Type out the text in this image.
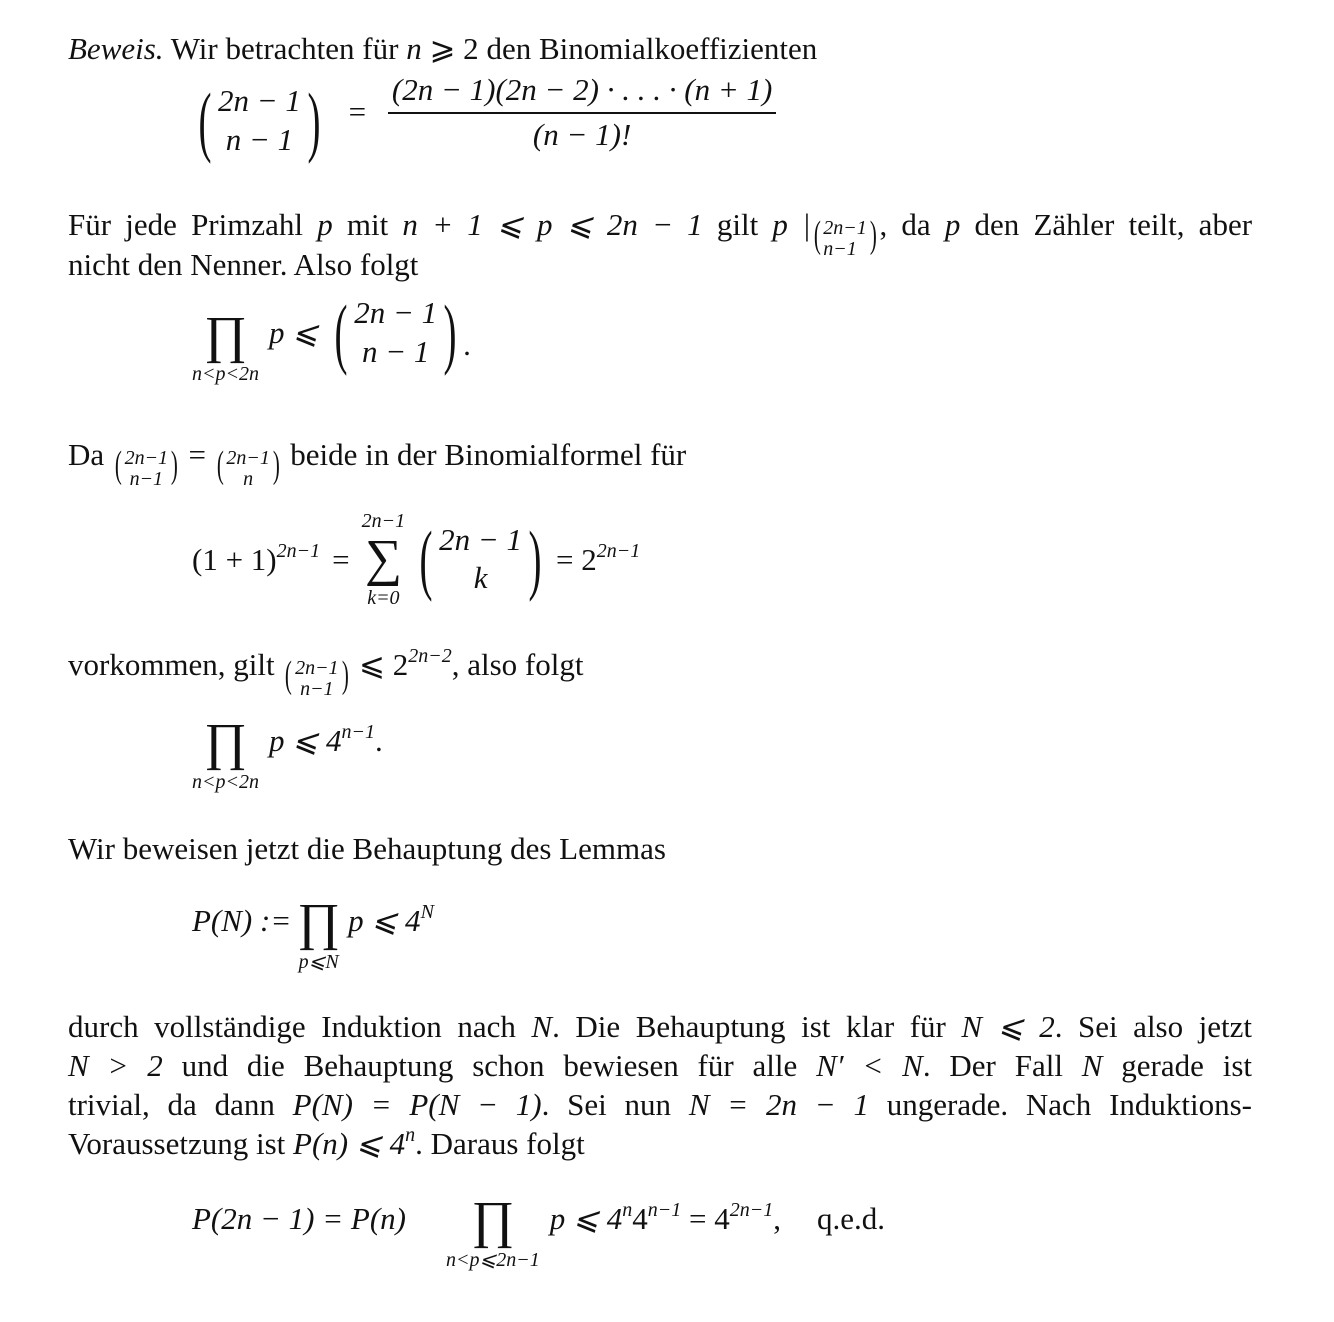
Beweis. Wir betrachten für n ⩾ 2 den Binomialkoeffizienten
( 2n − 1
n − 1 ) = $\frac{(2n - 1)(2n - 2) \cdot . . . \cdot (n + 1)}{(n - 1)!}$
Für jede Primzahl p mit n + 1 ⩽ p ⩽ 2n − 1 gilt p |( 2n−1
n−1 ), da p den Zähler teilt, aber
nicht den Nenner. Also folgt
∏
n<p<2n
p ⩽ ( 2n − 1
n − 1 ) .
Da ( 2n−1
n−1 ) = ( 2n−1
n ) beide in der Binomialformel für
$(1 + 1)^{2n-1}$ =
2n−1
∑
k=0 ( 2n − 1
k ) = $2^{2n-1}$
vorkommen, gilt ( 2n−1
n−1 ) ⩽ $2^{2n-2}$, also folgt
∏
n<p<2n
p ⩽ $4^{n-1}$.
Wir beweisen jetzt die Behauptung des Lemmas
P(N) := ∏
p⩽N
p ⩽ $4^N$
durch vollständige Induktion nach N. Die Behauptung ist klar für N ⩽ 2. Sei also jetzt
N > 2 und die Behauptung schon bewiesen für alle N′ < N. Der Fall N gerade ist
trivial, da dann P(N) = P(N − 1). Sei nun N = 2n − 1 ungerade. Nach Induktions-
Voraussetzung ist P(n) ⩽ 4$^n$. Daraus folgt
P(2n − 1) = P(n) ∏
n<p⩽2n−1
p ⩽ $4^n4^{n-1} = 4^{2n-1}$, q.e.d.
